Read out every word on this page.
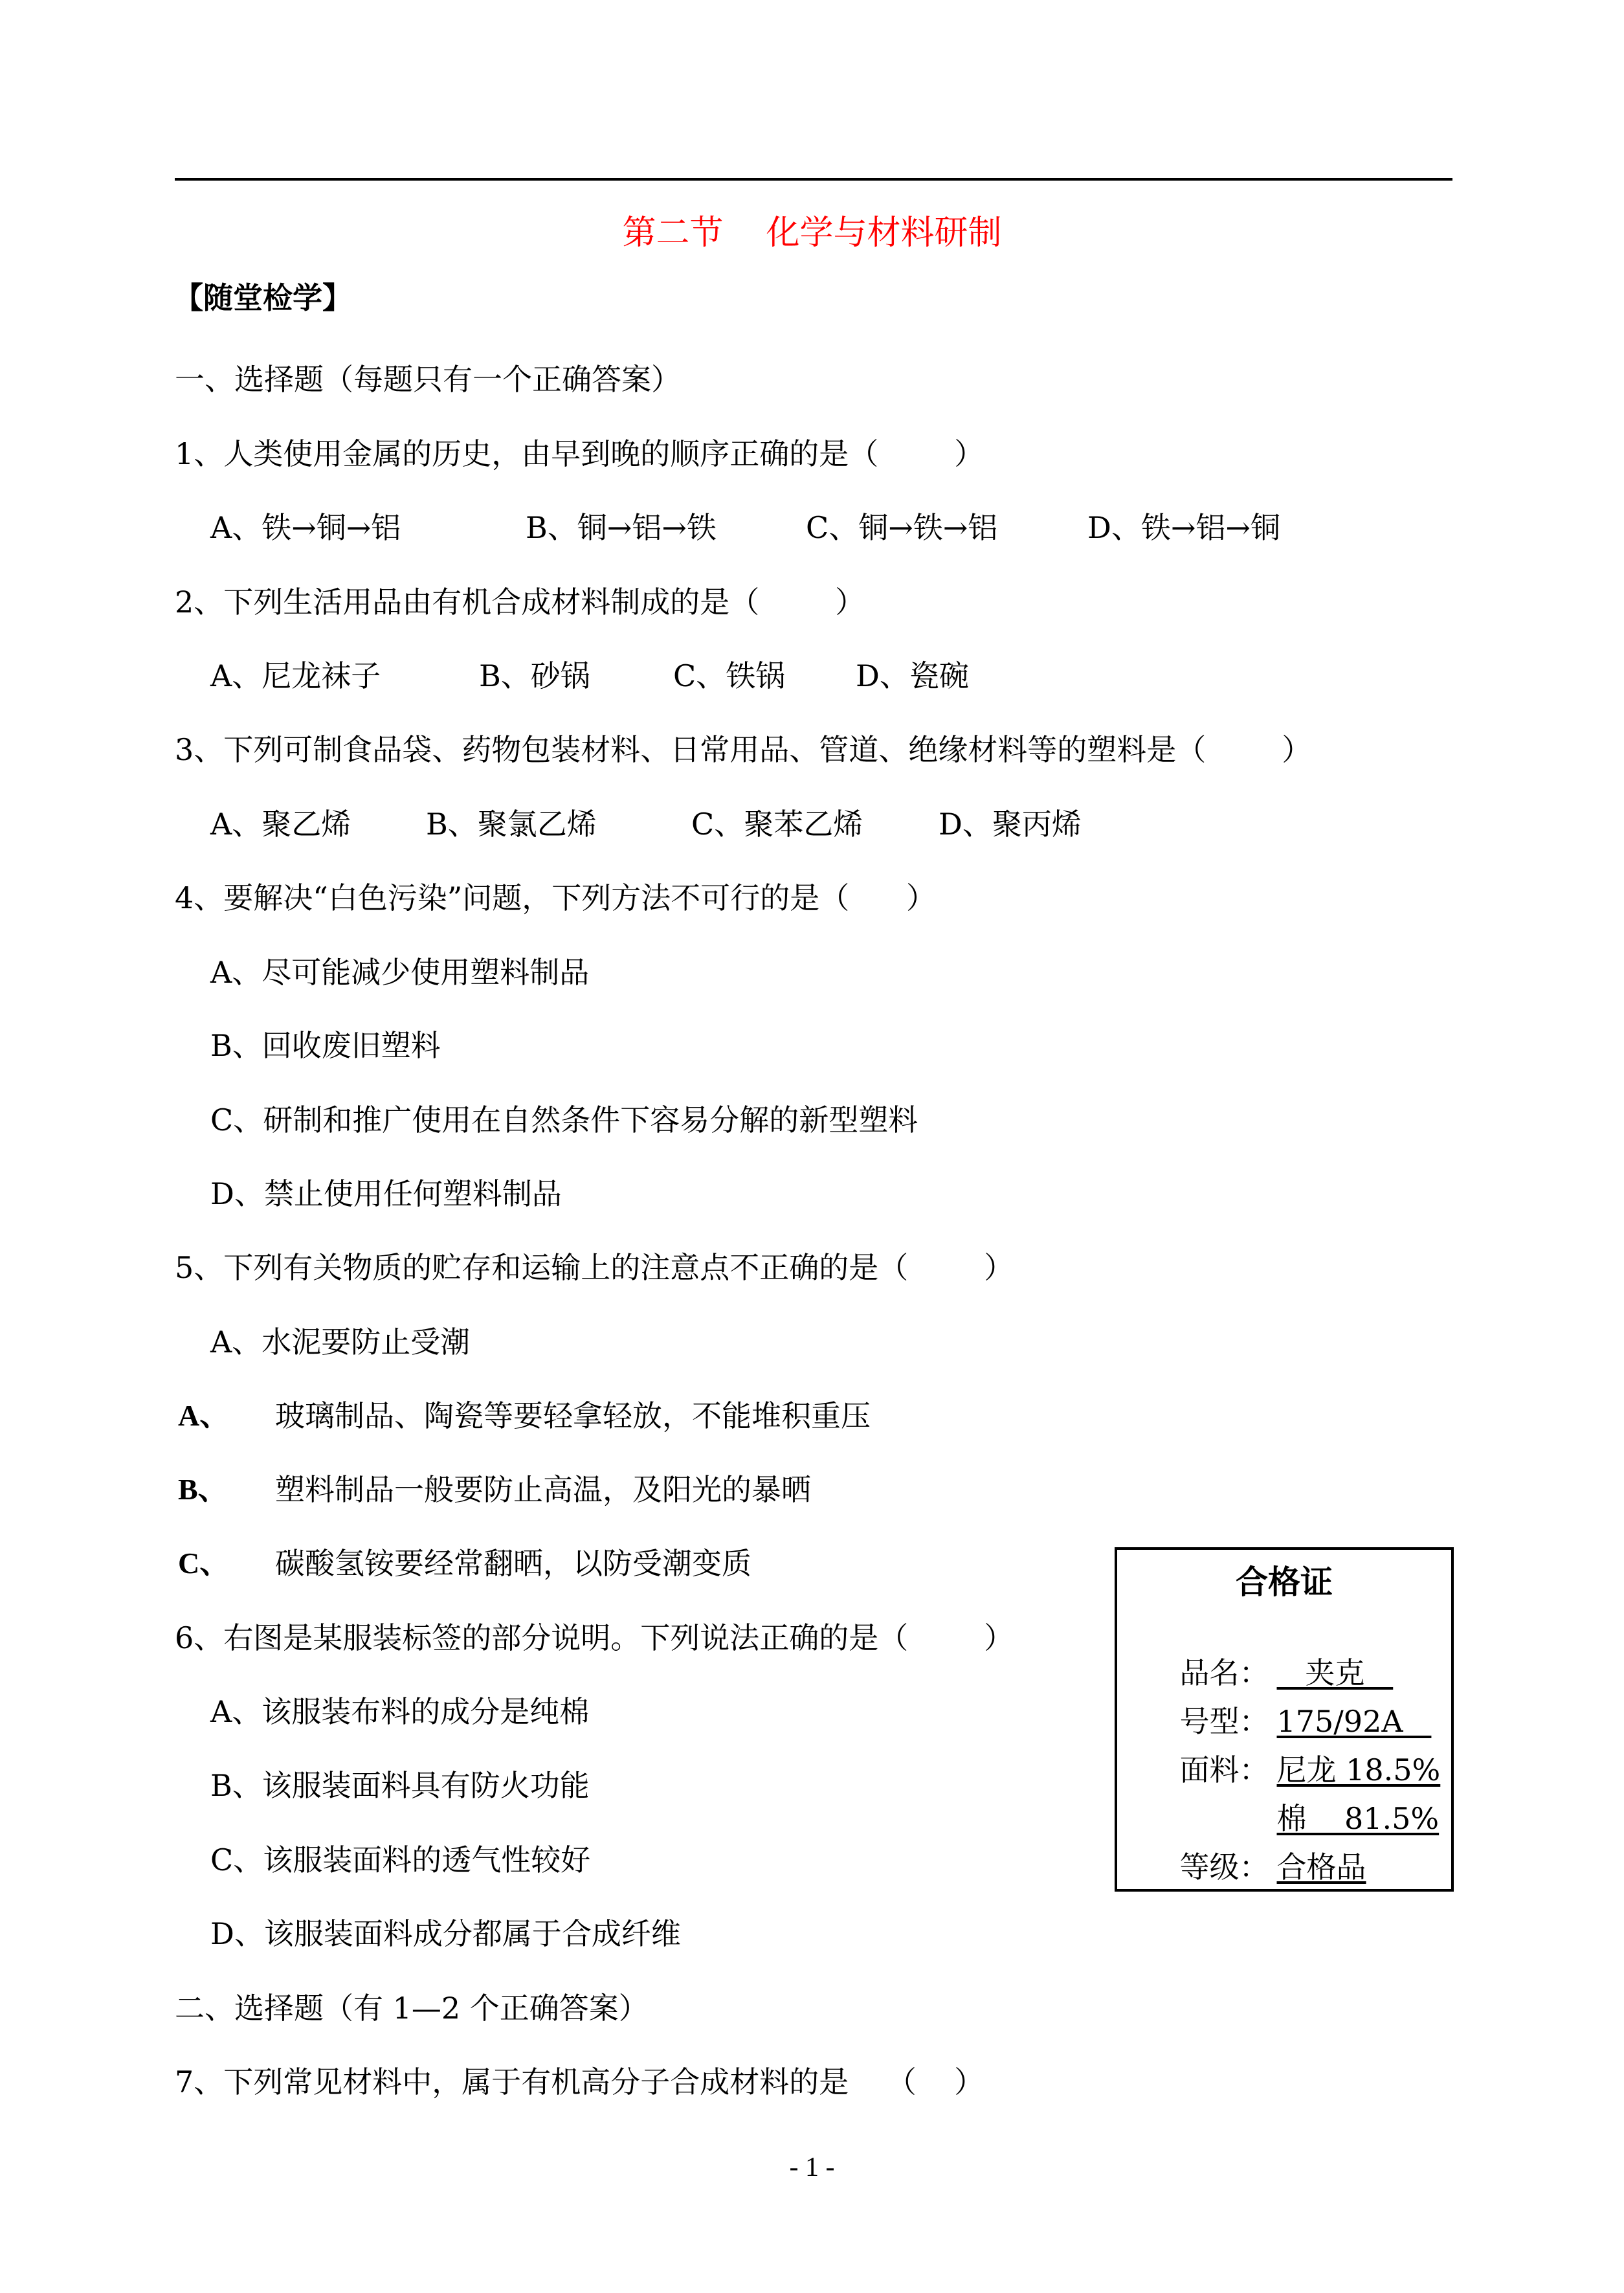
第二节    化学与材料研制
【随堂检学】
一、选择题（每题只有一个正确答案）
1、人类使用金属的历史，由早到晚的顺序正确的是（        ）
A、铁→铜→铝	B、铜→铝→铁	C、铜→铁→铝	D、铁→铝→铜
2、下列生活用品由有机合成材料制成的是（        ）
A、尼龙袜子	B、砂锅	C、铁锅 D、瓷碗
3、下列可制食品袋、药物包装材料、日常用品、管道、绝缘材料等的塑料是（        ）
A、聚乙烯	B、聚氯乙烯	C、聚苯乙烯	D、聚丙烯
4、要解决“白色污染”问题，下列方法不可行的是（      ）
A、尽可能减少使用塑料制品
B、回收废旧塑料
C、研制和推广使用在自然条件下容易分解的新型塑料
D、禁止使用任何塑料制品
5、下列有关物质的贮存和运输上的注意点不正确的是（        ）
A、水泥要防止受潮
A、 玻璃制品、陶瓷等要轻拿轻放，不能堆积重压
B、 塑料制品一般要防止高温，及阳光的暴晒
C、 碳酸氢铵要经常翻晒，以防受潮变质
6、右图是某服装标签的部分说明。下列说法正确的是（        ）
A、该服装布料的成分是纯棉
B、该服装面料具有防火功能
C、该服装面料的透气性较好
D、该服装面料成分都属于合成纤维
合格证

品名：   夹克

号型： 175/92A

面料： 尼龙 18.5%

棉    81.5%

等级： 合格品

二、选择题（有 1—2 个正确答案）
7、下列常见材料中，属于有机高分子合成材料的是    （    ）
- 1 -
